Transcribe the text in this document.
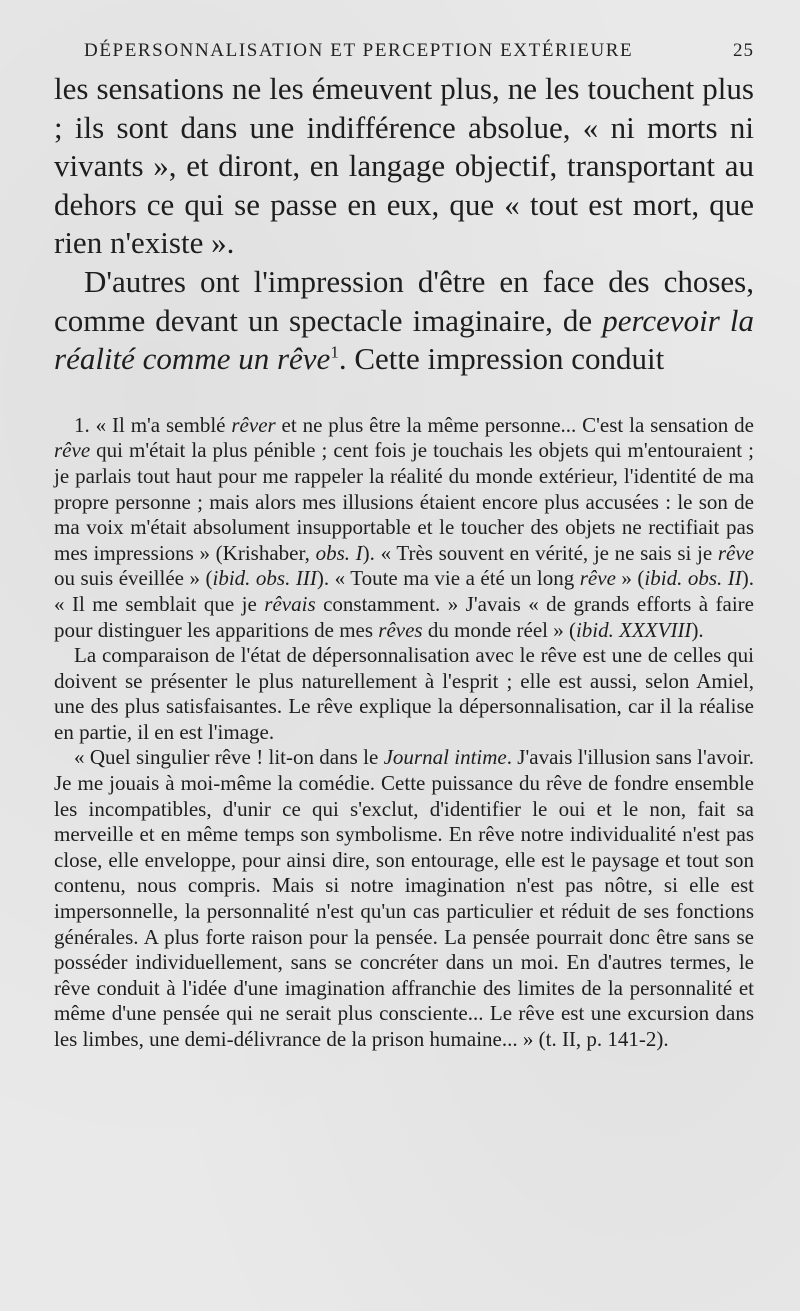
DÉPERSONNALISATION ET PERCEPTION EXTÉRIEURE	25

les sensations ne les émeuvent plus, ne les touchent plus ; ils sont dans une indifférence absolue, « ni morts ni vivants », et diront, en langage objectif, transportant au dehors ce qui se passe en eux, que « tout est mort, que rien n'existe ».

D'autres ont l'impression d'être en face des choses, comme devant un spectacle imaginaire, de percevoir la réalité comme un rêve$^1$. Cette impression conduit

1. « Il m'a semblé rêver et ne plus être la même personne... C'est la sensation de rêve qui m'était la plus pénible ; cent fois je touchais les objets qui m'entouraient ; je parlais tout haut pour me rappeler la réalité du monde extérieur, l'identité de ma propre personne ; mais alors mes illusions étaient encore plus accusées : le son de ma voix m'était absolument insupportable et le toucher des objets ne rectifiait pas mes impressions » (Krishaber, obs. I). « Très souvent en vérité, je ne sais si je rêve ou suis éveillée » (ibid. obs. III). « Toute ma vie a été un long rêve » (ibid. obs. II). « Il me semblait que je rêvais constamment. » J'avais « de grands efforts à faire pour distinguer les apparitions de mes rêves du monde réel » (ibid. XXXVIII).

La comparaison de l'état de dépersonnalisation avec le rêve est une de celles qui doivent se présenter le plus naturellement à l'esprit ; elle est aussi, selon Amiel, une des plus satisfaisantes. Le rêve explique la dépersonnalisation, car il la réalise en partie, il en est l'image.

« Quel singulier rêve ! lit-on dans le Journal intime. J'avais l'illusion sans l'avoir. Je me jouais à moi-même la comédie. Cette puissance du rêve de fondre ensemble les incompatibles, d'unir ce qui s'exclut, d'identifier le oui et le non, fait sa merveille et en même temps son symbolisme. En rêve notre individualité n'est pas close, elle enveloppe, pour ainsi dire, son entourage, elle est le paysage et tout son contenu, nous compris. Mais si notre imagination n'est pas nôtre, si elle est impersonnelle, la personnalité n'est qu'un cas particulier et réduit de ses fonctions générales. A plus forte raison pour la pensée. La pensée pourrait donc être sans se posséder individuellement, sans se concréter dans un moi. En d'autres termes, le rêve conduit à l'idée d'une imagination affranchie des limites de la personnalité et même d'une pensée qui ne serait plus consciente... Le rêve est une excursion dans les limbes, une demi-délivrance de la prison humaine... » (t. II, p. 141-2).
